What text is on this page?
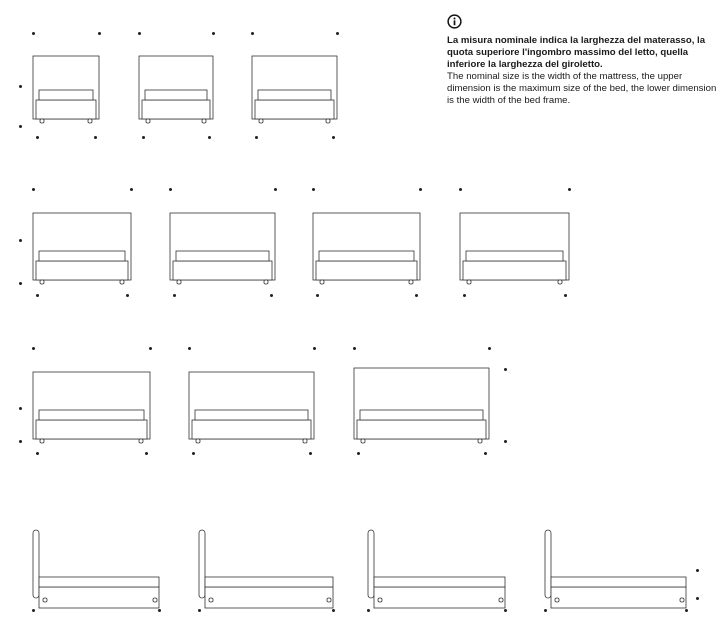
La misura nominale indica la larghezza del materasso, la quota superiore l'ingombro massimo del letto, quella inferiore la larghezza del giroletto.

The nominal size is the width of the mattress, the upper dimension is the maximum size of the bed, the lower dimension is the width of the bed frame.
